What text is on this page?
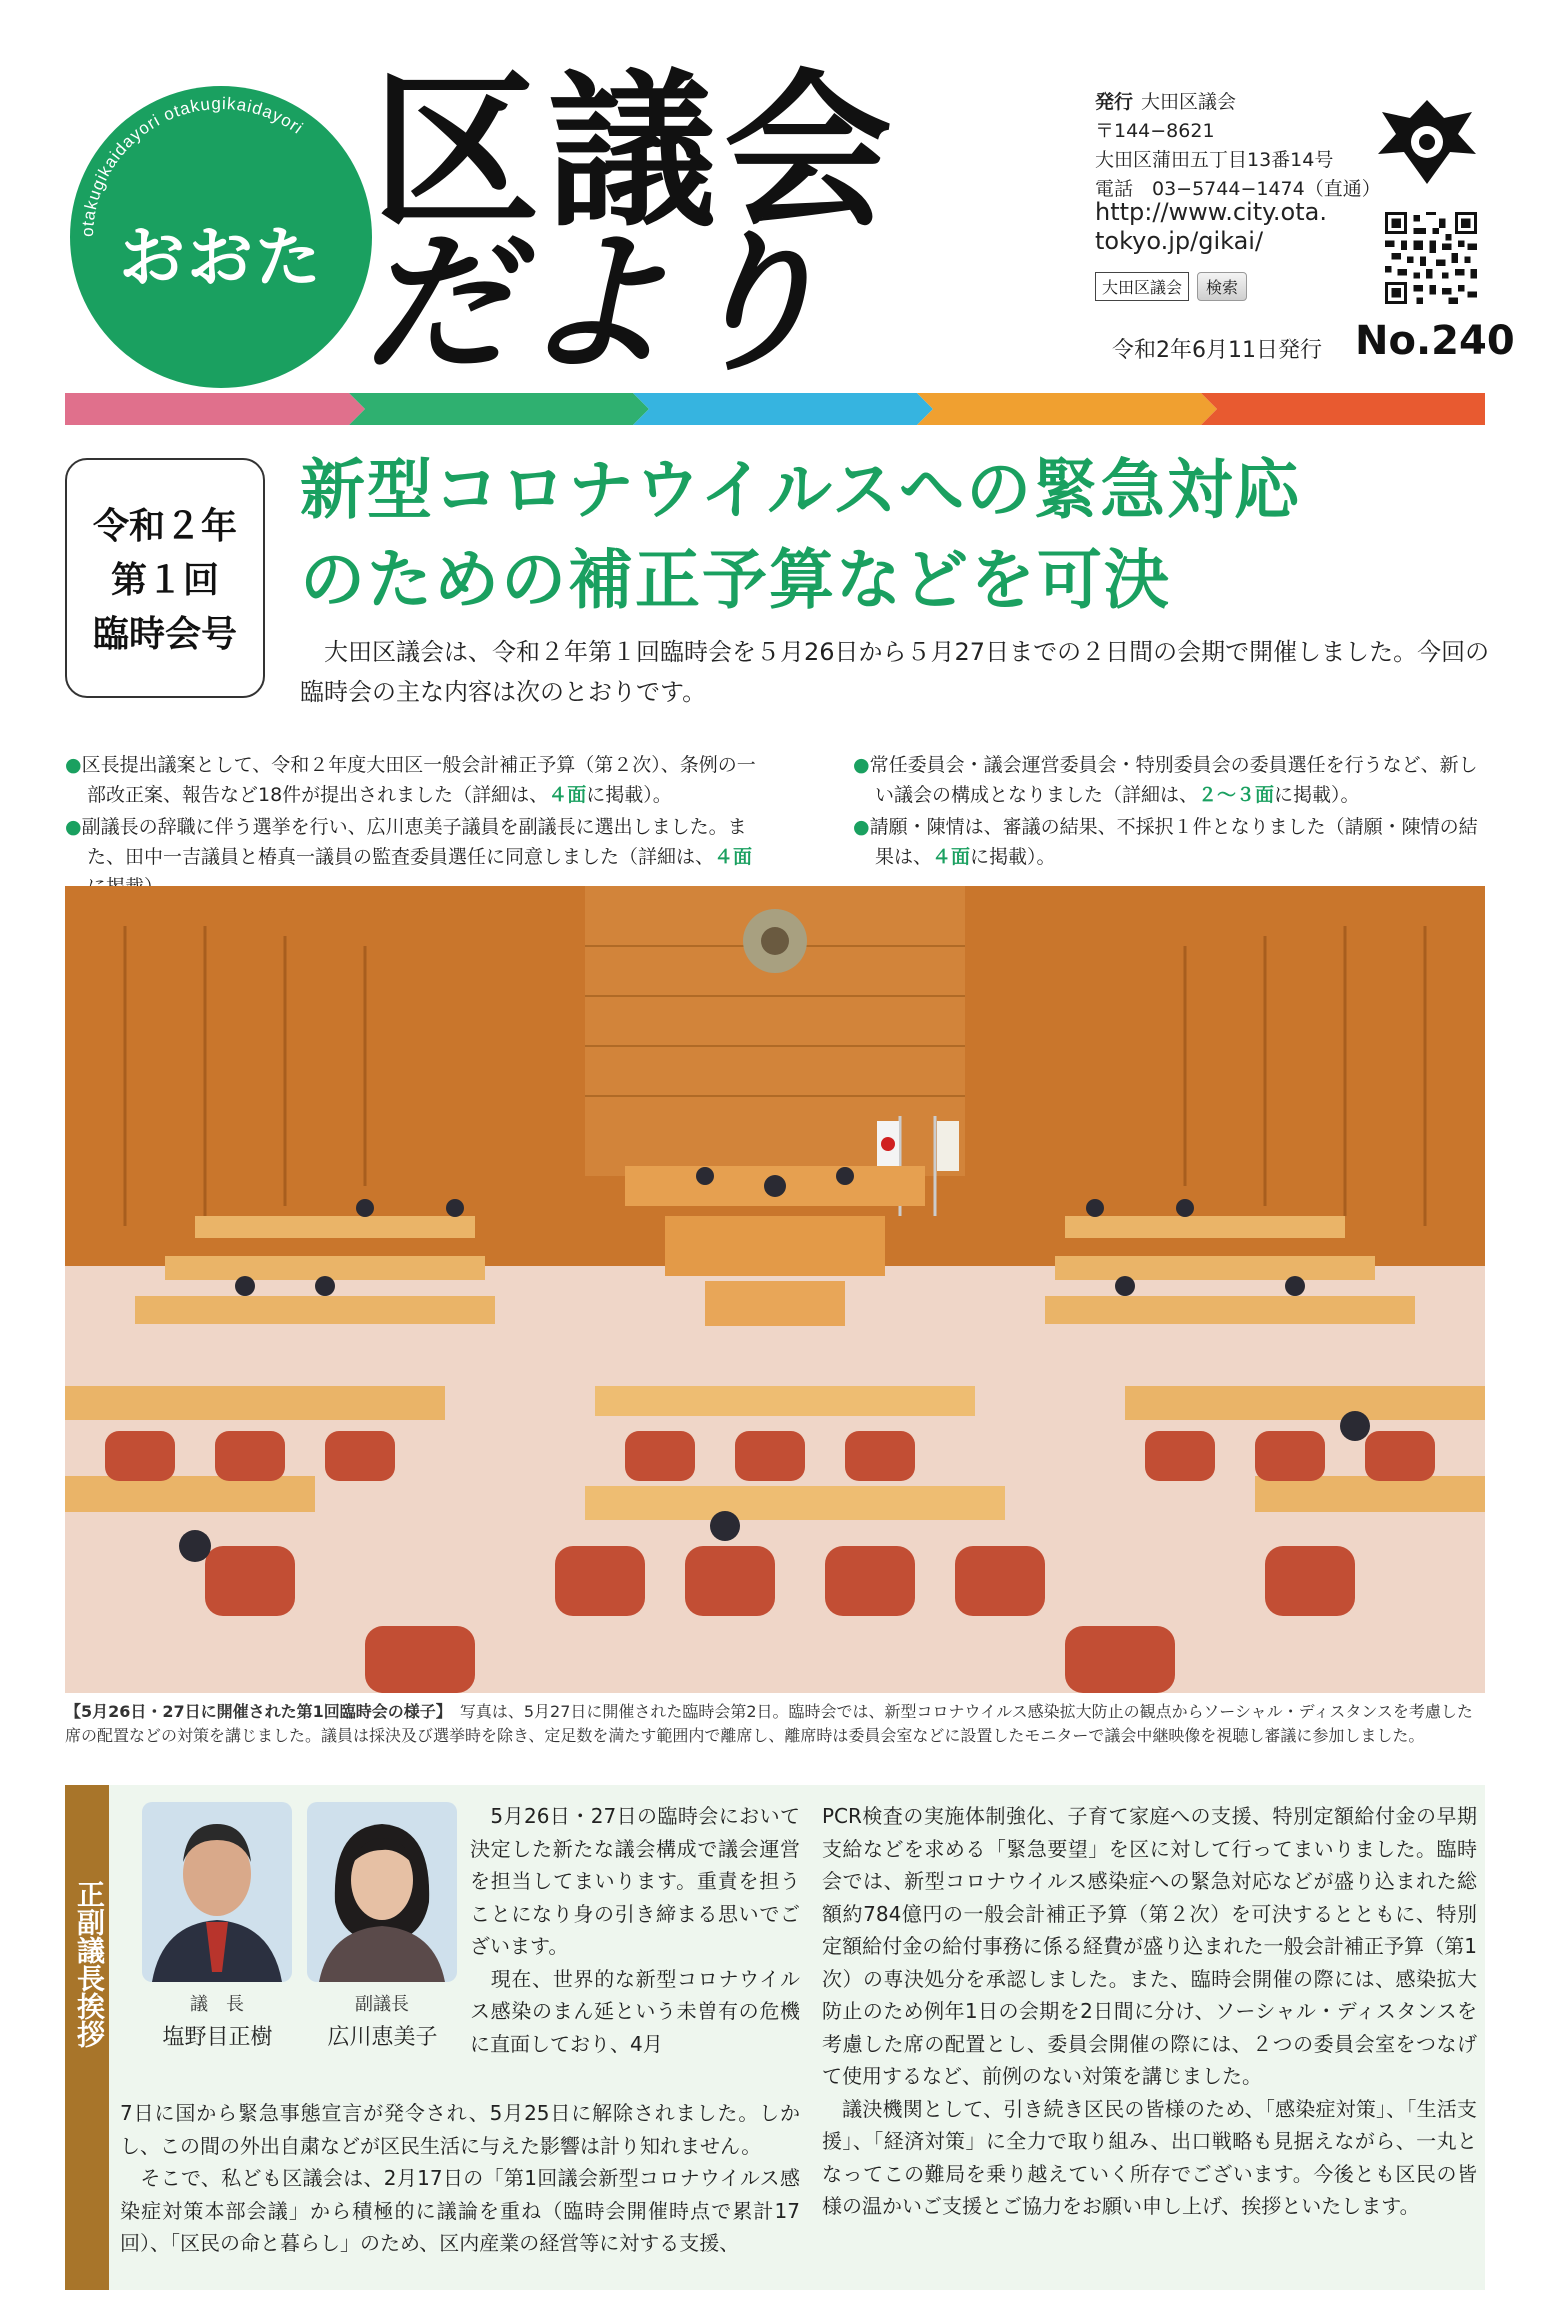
otakugikaidayori otakugikaidayori
おおた
区議会
だより
発行 大田区議会
〒144−8621
大田区蒲田五丁目13番14号
電話　03−5744−1474（直通）
http://www.city.ota.
tokyo.jp/gikai/
大田区議会	検索
令和2年6月11日発行 No.240
令和２年
第１回
臨時会号
新型コロナウイルスへの緊急対応
のための補正予算などを可決
大田区議会は、令和２年第１回臨時会を５月26日から５月27日までの２日間の会期で開催しました。今回の臨時会の主な内容は次のとおりです。
●区長提出議案として、令和２年度大田区一般会計補正予算（第２次）、条例の一部改正案、報告など18件が提出されました（詳細は、４面に掲載）。
●副議長の辞職に伴う選挙を行い、広川恵美子議員を副議長に選出しました。また、田中一吉議員と椿真一議員の監査委員選任に同意しました（詳細は、４面
●常任委員会・議会運営委員会・特別委員会の委員選任を行うなど、新しい議会の構成となりました（詳細は、２〜３面に掲載）。
●請願・陳情は、審議の結果、不採択１件となりました（請願・陳情の結果は、４面に掲載）。
【5月26日・27日に開催された第1回臨時会の様子】　 写真は、5月27日に開催された臨時会第2日。臨時会では、新型コロナウイルス感染拡大防止の観点からソーシャル・ディスタンスを考慮した席の配置などの対策を講じました。議員は採決及び選挙時を除き、定足数を満たす範囲内で離席し、離席時は委員会室などに設置したモニターで議会中継映像を視聴し審議に参加しました。
正副議長挨拶	議　長	副議長
塩野目正樹	広川恵美子
　5月26日・27日の臨時会において決定した新たな議会構成で議会運営を担当してまいります。重責を担うことになり身の引き締まる思いでございます。
　現在、世界的な新型コロナウイルス感染のまん延という未曽有の危機に直面しており、4月
7日に国から緊急事態宣言が発令され、5月25日に解除されました。しかし、この間の外出自粛などが区民生活に与えた影響は計り知れません。
　そこで、私ども区議会は、2月17日の「第1回議会新型コロナウイルス感染症対策本部会議」から積極的に議論を重ね（臨時会開催時点で累計17回）、「区民の命と暮らし」のため、区内産業の経営等に対する支援、
PCR検査の実施体制強化、子育て家庭への支援、特別定額給付金の早期支給などを求める「緊急要望」を区に対して行ってまいりました。臨時会では、新型コロナウイルス感染症への緊急対応などが盛り込まれた総額約784億円の一般会計補正予算（第２次）を可決するとともに、特別定額給付金の給付事務に係る経費が盛り込まれた一般会計補正予算（第1次）の専決処分を承認しました。また、臨時会開催の際には、感染拡大防止のため例年1日の会期を2日間に分け、ソーシャル・ディスタンスを考慮した席の配置とし、委員会開催の際には、２つの委員会室をつなげて使用するなど、前例のない対策を講じました。
　議決機関として、引き続き区民の皆様のため、「感染症対策」、「生活支援」、「経済対策」に全力で取り組み、出口戦略も見据えながら、一丸となってこの難局を乗り越えていく所存でございます。今後とも区民の皆様の温かいご支援とご協力をお願い申し上げ、挨拶といたします。
